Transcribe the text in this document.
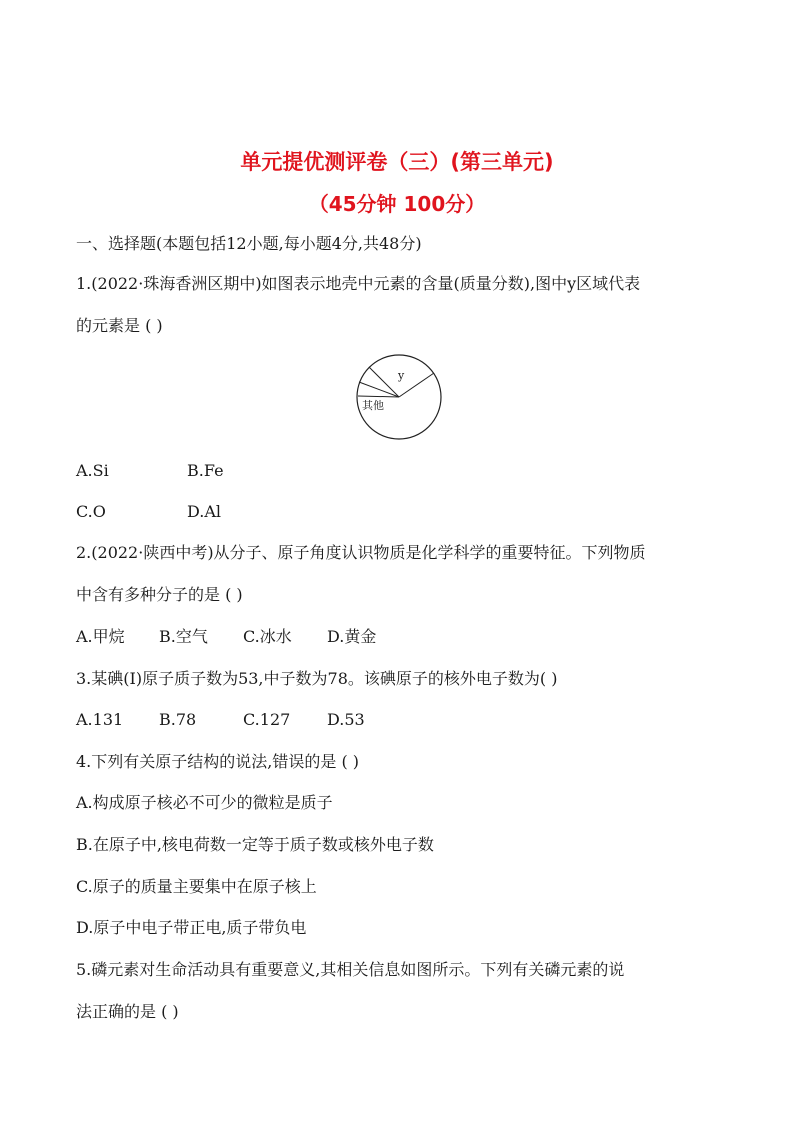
单元提优测评卷（三）(第三单元)
（45分钟 100分）
一、选择题(本题包括12小题,每小题4分,共48分)
1.(2022·珠海香洲区期中)如图表示地壳中元素的含量(质量分数),图中y区域代表
的元素是 ( )
y
其他
A.Si	B.Fe
C.O	D.Al
2.(2022·陕西中考)从分子、原子角度认识物质是化学科学的重要特征。下列物质
中含有多种分子的是 ( )
A.甲烷 B.空气 C.冰水 D.黄金
3.某碘(I)原子质子数为53,中子数为78。该碘原子的核外电子数为( )
A.131 B.78	C.127 D.53
4.下列有关原子结构的说法,错误的是 ( )
A.构成原子核必不可少的微粒是质子
B.在原子中,核电荷数一定等于质子数或核外电子数
C.原子的质量主要集中在原子核上
D.原子中电子带正电,质子带负电
5.磷元素对生命活动具有重要意义,其相关信息如图所示。下列有关磷元素的说
法正确的是 ( )
